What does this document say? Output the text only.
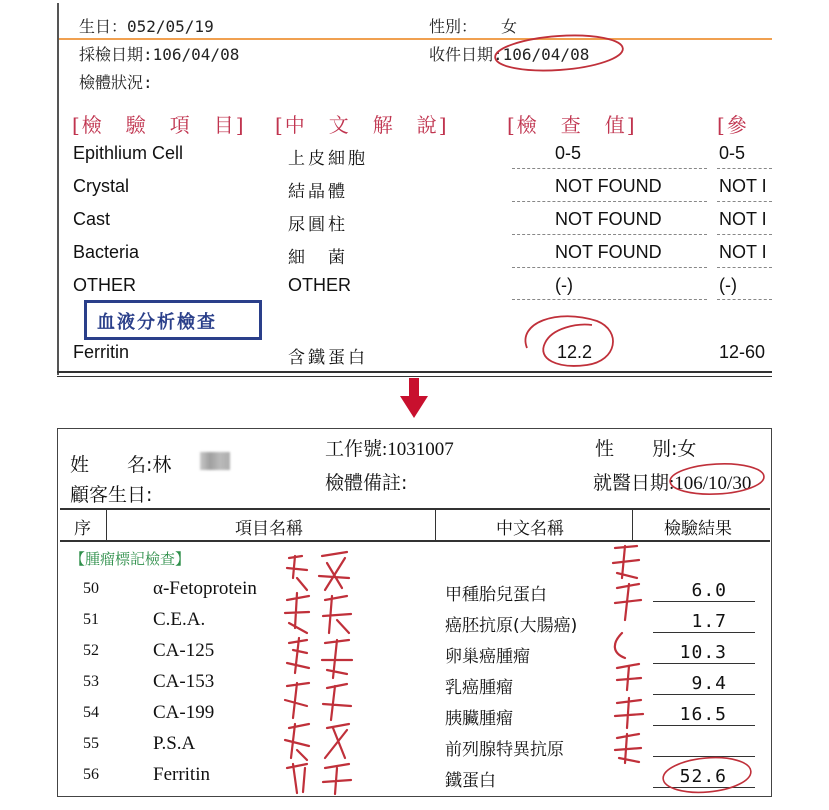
生日：052/05/19	性別：　　女
採檢日期:106/04/08	收件日期:106/04/08
檢體狀況:
[檢　驗　項　目] [中　文　解　說]	[檢　查　值]	[參
Epithlium Cell	上皮細胞	0-5	0-5
Crystal	結晶體	NOT FOUND	NOT I
Cast	尿圓柱	NOT FOUND	NOT I
Bacteria	細　菌	NOT FOUND	NOT I
OTHER	OTHER	(-)	(-)
血液分析檢查
Ferritin	含鐵蛋白	12.2	12-60
姓　　名:林
工作號:1031007	性　　別:女
顧客生日:
檢體備註:	就醫日期:106/10/30
序	項目名稱	中文名稱	檢驗結果
【腫瘤標記檢查】
50	α-Fetoprotein	甲種胎兒蛋白	6.0
51	C.E.A.	癌胚抗原(大腸癌)	1.7
52	CA-125	卵巢癌腫瘤	10.3
53	CA-153	乳癌腫瘤	9.4
54	CA-199	胰臟腫瘤	16.5
55	P.S.A	前列腺特異抗原
56	Ferritin	鐵蛋白	52.6
